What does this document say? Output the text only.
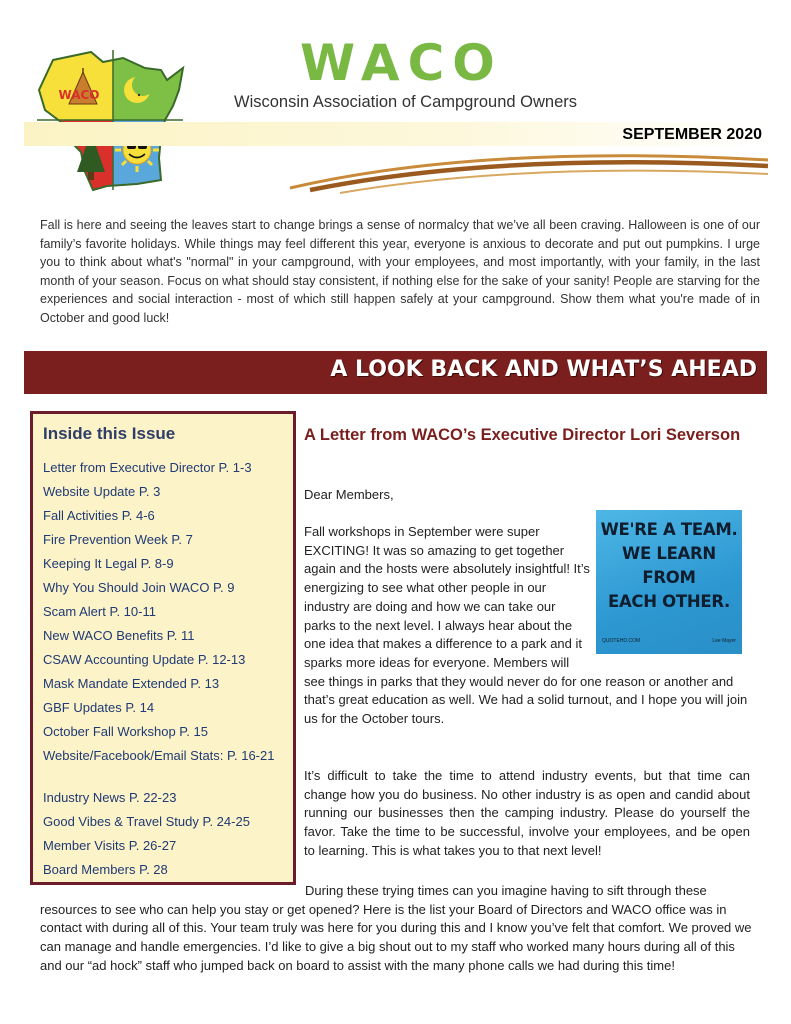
WACO
WACO
Wisconsin Association of Campground Owners
SEPTEMBER 2020
Fall is here and seeing the leaves start to change brings a sense of normalcy that we’ve all been craving. Halloween is one of our family’s favorite holidays. While things may feel different this year, everyone is anxious to decorate and put out pumpkins. I urge you to think about what's "normal" in your campground, with your employees, and most importantly, with your family, in the last month of your season. Focus on what should stay consistent, if nothing else for the sake of your sanity! People are starving for the experiences and social interaction - most of which still happen safely at your campground. Show them what you're made of in October and good luck!
A LOOK BACK AND WHAT’S AHEAD
Inside this Issue
Letter from Executive Director P. 1-3
Website Update P. 3
Fall Activities P. 4-6
Fire Prevention Week P. 7
Keeping It Legal P. 8-9
Why You Should Join WACO P. 9
Scam Alert P. 10-11
New WACO Benefits P. 11
CSAW Accounting Update P. 12-13
Mask Mandate Extended P. 13
GBF Updates P. 14
October Fall Workshop P. 15
Website/Facebook/Email Stats: P. 16-21
Industry News P. 22-23
Good Vibes & Travel Study P. 24-25
Member Visits P. 26-27
Board Members P. 28
A Letter from WACO’s Executive Director Lori Severson
Dear Members,
Fall workshops in September were super EXCITING! It was so amazing to get together again and the hosts were absolutely insightful! It’s energizing to see what other people in our industry are doing and how we can take our parks to the next level. I always hear about the one idea that makes a difference to a park and it sparks more ideas for everyone. Members will see things in parks that they would never do for one reason or another and that’s great education as well. We had a solid turnout, and I hope you will join us for the October tours.
It’s difficult to take the time to attend industry events, but that time can change how you do business. No other industry is as open and candid about running our businesses then the camping industry. Please do yourself the favor. Take the time to be successful, involve your employees, and be open to learning. This is what takes you to that next level!
During these trying times can you imagine having to sift through these resources to see who can help you stay or get opened? Here is the list your Board of Directors and WACO office was in contact with during all of this. Your team truly was here for you during this and I know you’ve felt that comfort. We proved we can manage and handle emergencies. I’d like to give a big shout out to my staff who worked many hours during all of this and our “ad hock” staff who jumped back on board to assist with the many phone calls we had during this time!
WE'RE A TEAM.
WE LEARN FROM
EACH OTHER.
QUOTEHD.COM	Lee Mayer
